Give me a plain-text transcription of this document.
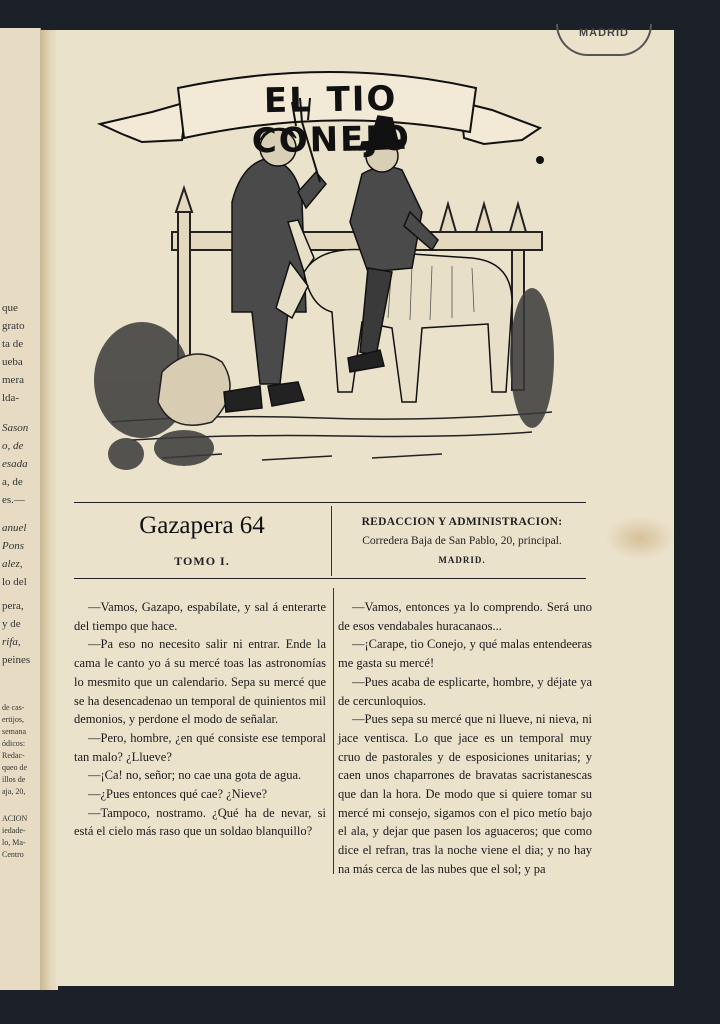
que
grato
ta de
ueba
mera
lda-
Sason
o, de
esada
a, de
es.—
anuel
Pons
alez,
lo del
pera,
y de
rifa,
peines
de cas-
ertijos,
semana
ódicos:
Redac-
queo de
illos de
aja, 20,
ACION
iedade-
lo, Ma-
Centro
MADRID
EL TIO CONEJO
Gazapera 64
TOMO I.
REDACCION Y ADMINISTRACION:
Corredera Baja de San Pablo, 20, principal.
MADRID.

—Vamos, Gazapo, espabílate, y sal á enterarte del tiempo que hace.

—Pa eso no necesito salir ni entrar. Ende la cama le canto yo á su mercé toas las astronomías lo mesmito que un calendario. Sepa su mercé que se ha desencadenao un temporal de quinientos mil demonios, y perdone el modo de señalar.

—Pero, hombre, ¿en qué consiste ese temporal tan malo? ¿Llueve?

—¡Ca! no, señor; no cae una gota de agua.

—¿Pues entonces qué cae? ¿Nieve?

—Tampoco, nostramo. ¿Qué ha de nevar, si está el cielo más raso que un soldao blanquillo?

—Vamos, entonces ya lo comprendo. Será uno de esos vendabales huracanaos...

—¡Carape, tio Conejo, y qué malas entendeeras me gasta su mercé!

—Pues acaba de esplicarte, hombre, y déjate ya de cercunloquios.

—Pues sepa su mercé que ni llueve, ni nieva, ni jace ventisca. Lo que jace es un temporal muy cruo de pastorales y de esposiciones unitarias; y caen unos chaparrones de bravatas sacristanescas que dan la hora. De modo que si quiere tomar su mercé mi consejo, sigamos con el pico metío bajo el ala, y dejar que pasen los aguaceros; que como dice el refran, tras la noche viene el dia; y no hay na más cerca de las nubes que el sol; y pa
